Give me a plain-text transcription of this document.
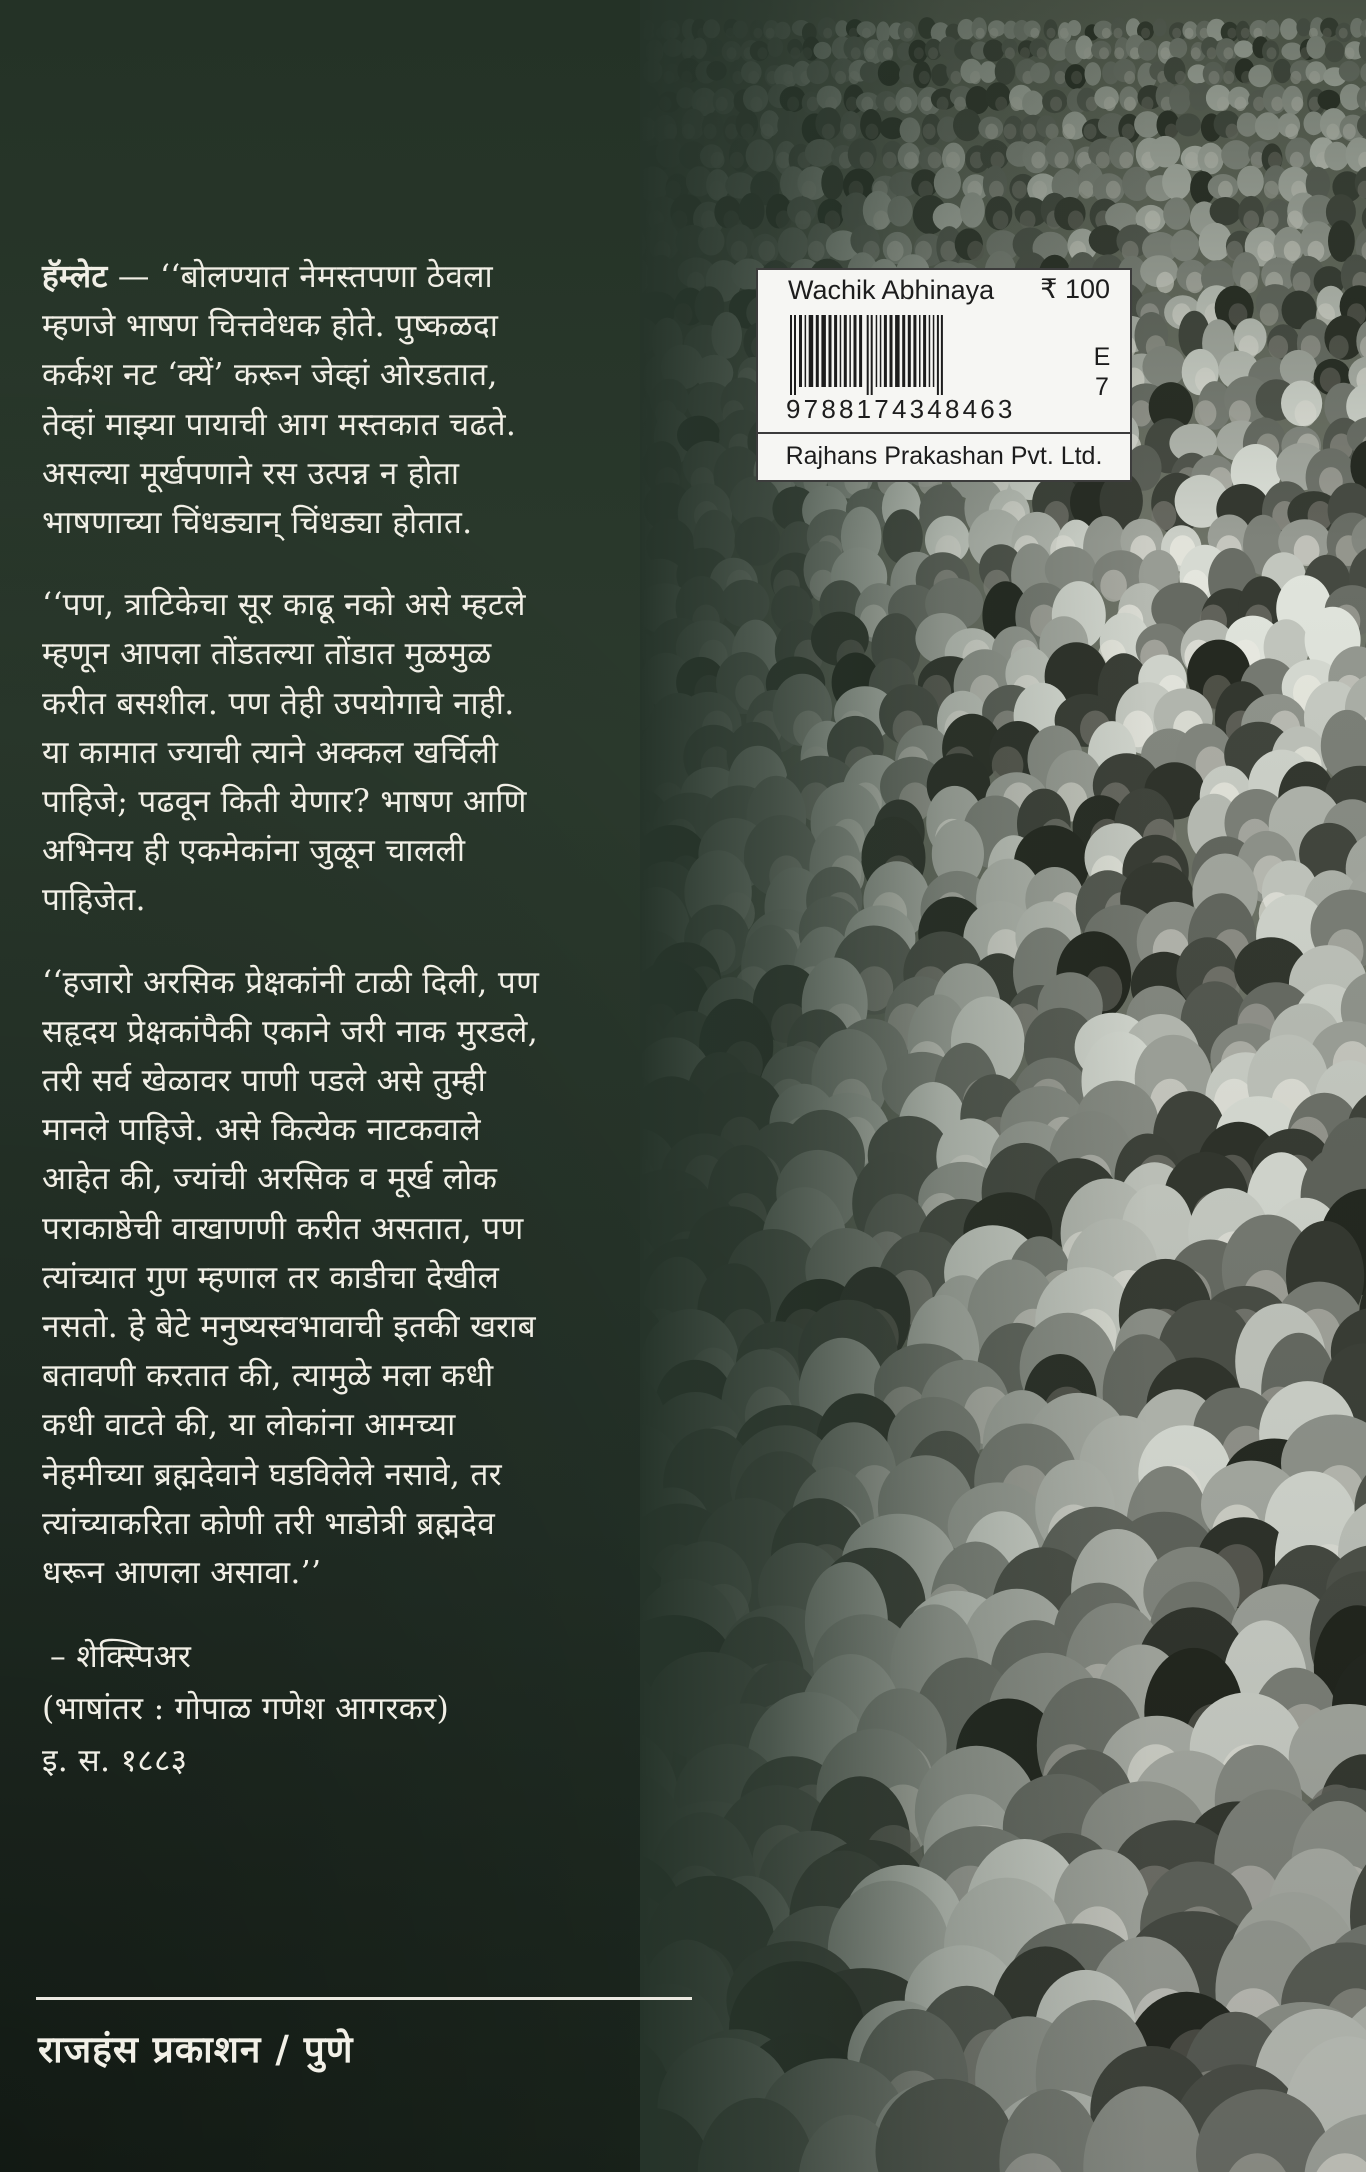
हॅम्लेट — ‘‘बोलण्यात नेमस्तपणा ठेवला
म्हणजे भाषण चित्तवेधक होते. पुष्कळदा
कर्कश नट ‘क्यें’ करून जेव्हां ओरडतात,
तेव्हां माझ्या पायाची आग मस्तकात चढते.
असल्या मूर्खपणाने रस उत्पन्न न होता
भाषणाच्या चिंधड्यान् चिंधड्या होतात.

‘‘पण, त्राटिकेचा सूर काढू नको असे म्हटले
म्हणून आपला तोंडतल्या तोंडात मुळमुळ
करीत बसशील. पण तेही उपयोगाचे नाही.
या कामात ज्याची त्याने अक्कल खर्चिली
पाहिजे; पढवून किती येणार? भाषण आणि
अभिनय ही एकमेकांना जुळून चालली
पाहिजेत.

‘‘हजारो अरसिक प्रेक्षकांनी टाळी दिली, पण
सहृदय प्रेक्षकांपैकी एकाने जरी नाक मुरडले,
तरी सर्व खेळावर पाणी पडले असे तुम्ही
मानले पाहिजे. असे कित्येक नाटकवाले
आहेत की, ज्यांची अरसिक व मूर्ख लोक
पराकाष्ठेची वाखाणणी करीत असतात, पण
त्यांच्यात गुण म्हणाल तर काडीचा देखील
नसतो. हे बेटे मनुष्यस्वभावाची इतकी खराब
बतावणी करतात की, त्यामुळे मला कधी
कधी वाटते की, या लोकांना आमच्या
नेहमीच्या ब्रह्मदेवाने घडविलेले नसावे, तर
त्यांच्याकरिता कोणी तरी भाडोत्री ब्रह्मदेव
धरून आणला असावा.’’

– शेक्स्पिअर
(भाषांतर : गोपाळ गणेश आगरकर)
इ. स. १८८३
Wachik Abhinaya ₹ 100
E
7
9788174348463
Rajhans Prakashan Pvt. Ltd.
राजहंस प्रकाशन / पुणे
